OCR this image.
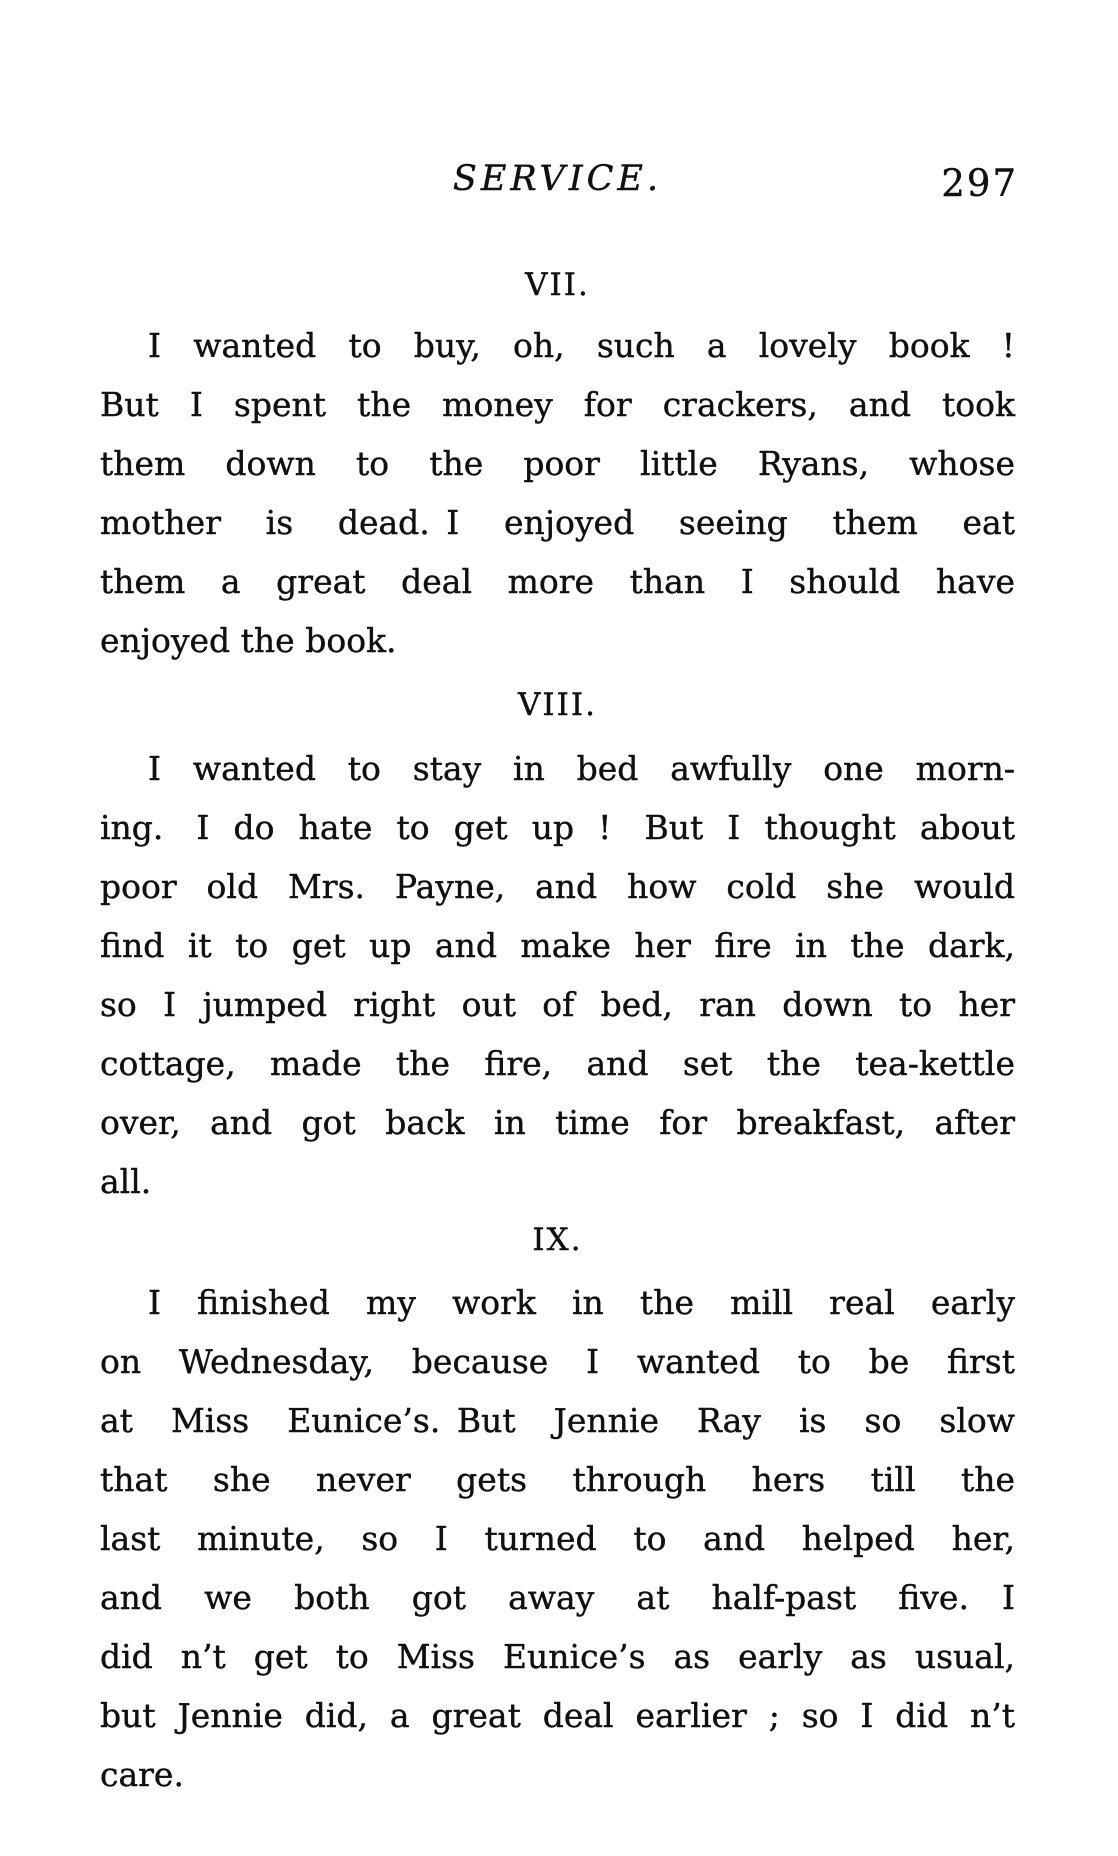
SERVICE.	297
VII.
I wanted to buy, oh, such a lovely book !
But I spent the money for crackers, and took
them down to the poor little Ryans, whose
mother is dead. I enjoyed seeing them eat
them a great deal more than I should have
enjoyed the book.
VIII.
I wanted to stay in bed awfully one morn-
ing. I do hate to get up ! But I thought about
poor old Mrs. Payne, and how cold she would
find it to get up and make her fire in the dark,
so I jumped right out of bed, ran down to her
cottage, made the fire, and set the tea-kettle
over, and got back in time for breakfast, after
all.
IX.
I finished my work in the mill real early
on Wednesday, because I wanted to be first
at Miss Eunice’s. But Jennie Ray is so slow
that she never gets through hers till the
last minute, so I turned to and helped her,
and we both got away at half-past five. I
did n’t get to Miss Eunice’s as early as usual,
but Jennie did, a great deal earlier ; so I did n’t
care.
